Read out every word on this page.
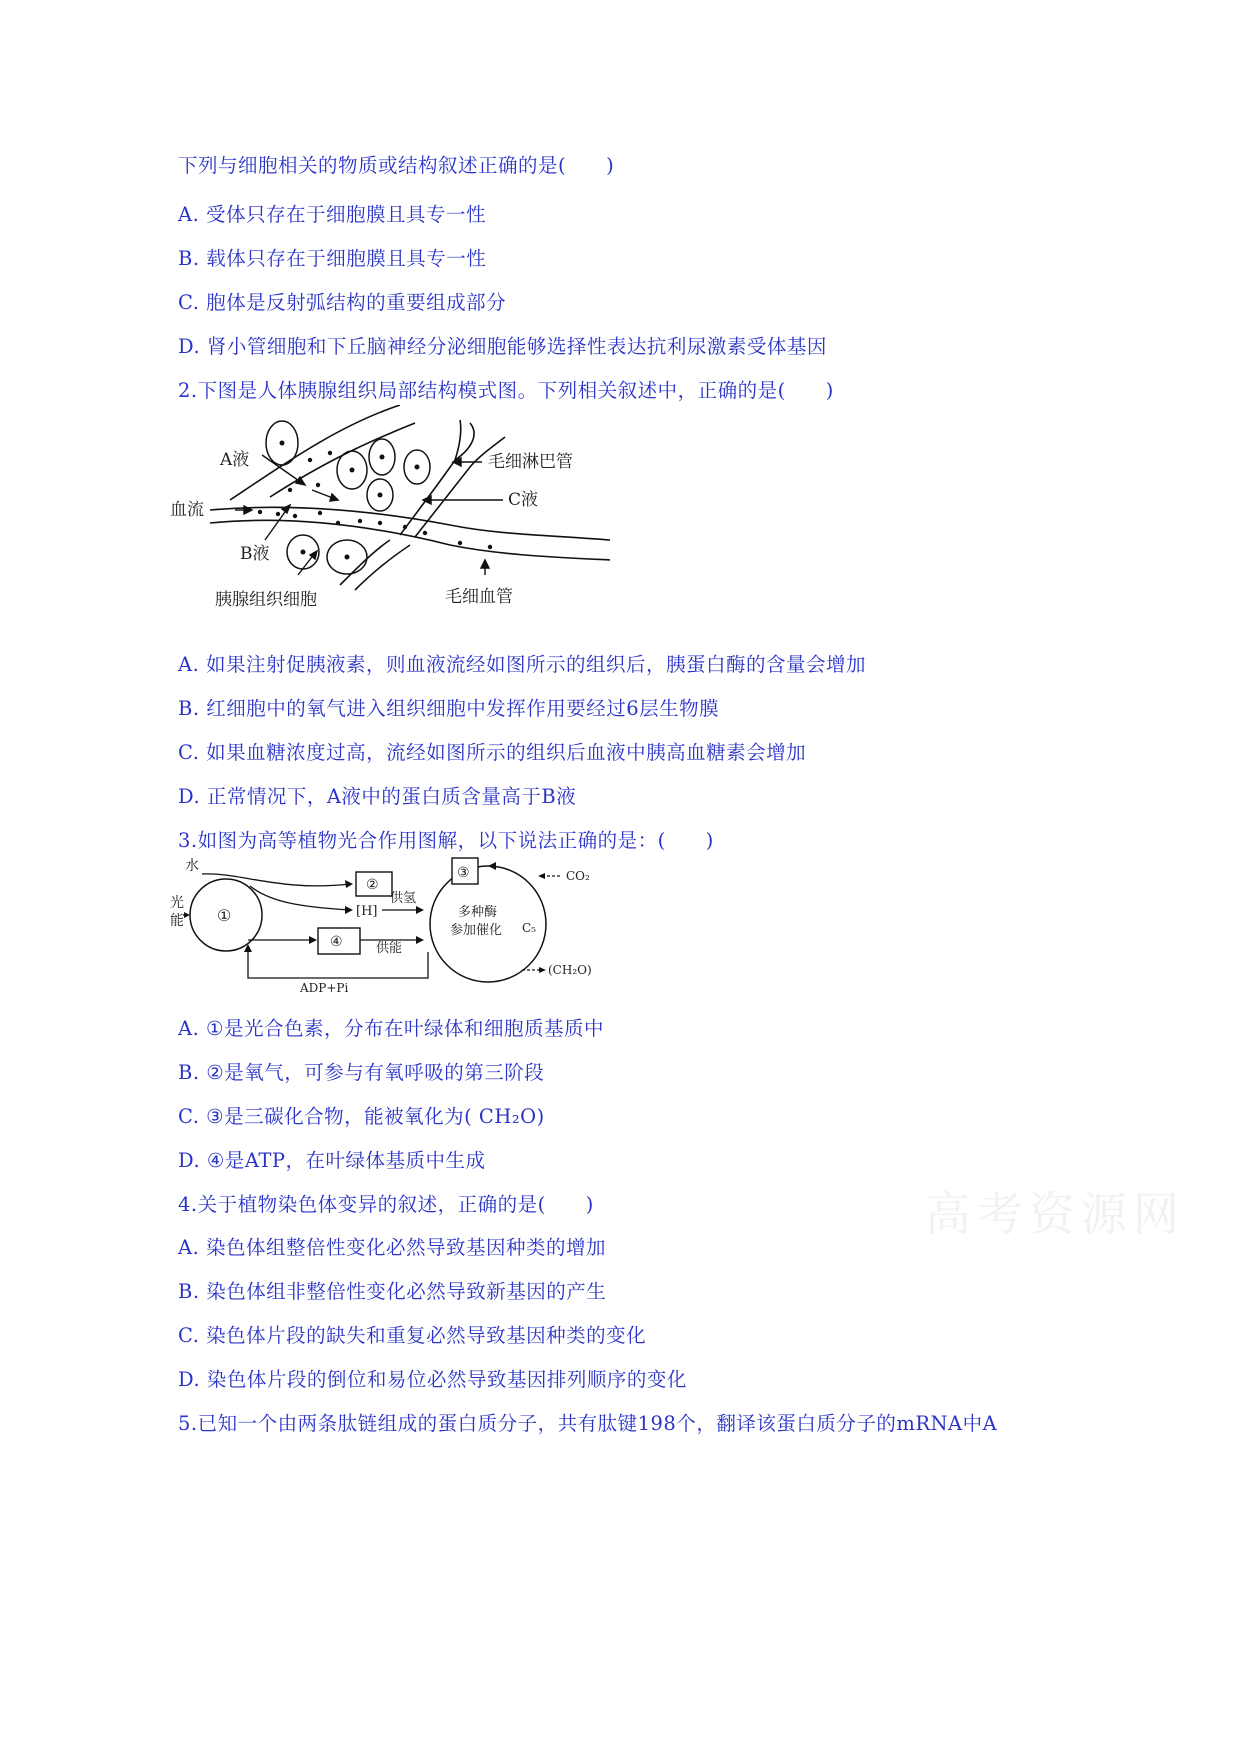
下列与细胞相关的物质或结构叙述正确的是(　　)
A. 受体只存在于细胞膜且具专一性
B. 载体只存在于细胞膜且具专一性
C. 胞体是反射弧结构的重要组成部分
D. 肾小管细胞和下丘脑神经分泌细胞能够选择性表达抗利尿激素受体基因
2.下图是人体胰腺组织局部结构模式图。下列相关叙述中，正确的是(　　)
A液
血流
B液
胰腺组织细胞
毛细淋巴管
C液
毛细血管
A. 如果注射促胰液素，则血液流经如图所示的组织后，胰蛋白酶的含量会增加
B. 红细胞中的氧气进入组织细胞中发挥作用要经过6层生物膜
C. 如果血糖浓度过高，流经如图所示的组织后血液中胰高血糖素会增加
D. 正常情况下，A液中的蛋白质含量高于B液
3.如图为高等植物光合作用图解，以下说法正确的是：(　　)
①
水
光
能
②
[H]
供氢
④	供能
ADP+Pi
多种酶
参加催化
③	CO₂
C₅
(CH₂O)
A. ①是光合色素，分布在叶绿体和细胞质基质中
B. ②是氧气，可参与有氧呼吸的第三阶段
C. ③是三碳化合物，能被氧化为( CH₂O)
D. ④是ATP，在叶绿体基质中生成
高考资源网
4.关于植物染色体变异的叙述，正确的是(　　)
A. 染色体组整倍性变化必然导致基因种类的增加
B. 染色体组非整倍性变化必然导致新基因的产生
C. 染色体片段的缺失和重复必然导致基因种类的变化
D. 染色体片段的倒位和易位必然导致基因排列顺序的变化
5.已知一个由两条肽链组成的蛋白质分子，共有肽键198个，翻译该蛋白质分子的mRNA中A
